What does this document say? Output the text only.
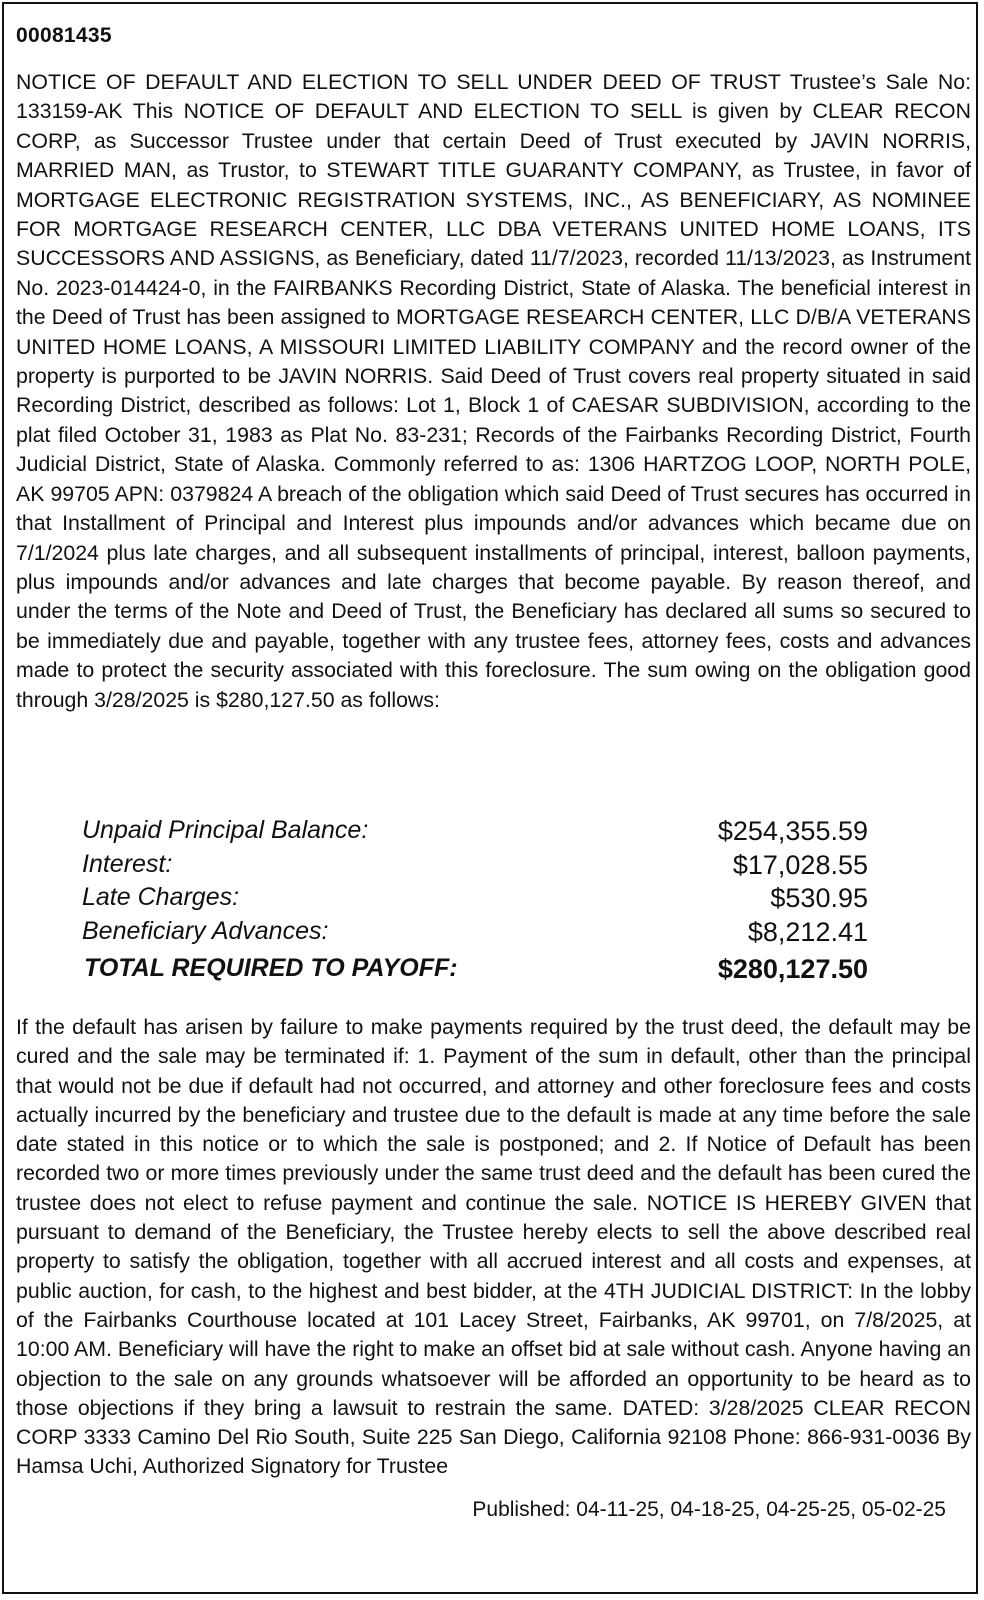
00081435

NOTICE OF DEFAULT AND ELECTION TO SELL UNDER DEED OF TRUST Trustee’s Sale No: 133159-AK This NOTICE OF DEFAULT AND ELECTION TO SELL is given by CLEAR RECON CORP, as Successor Trustee under that certain Deed of Trust executed by JAVIN NORRIS, MARRIED MAN, as Trustor, to STEWART TITLE GUARANTY COMPANY, as Trustee, in favor of MORTGAGE ELECTRONIC REGISTRATION SYSTEMS, INC., AS BENEFICIARY, AS NOMINEE FOR MORTGAGE RESEARCH CENTER, LLC DBA VETERANS UNITED HOME LOANS, ITS SUCCESSORS AND ASSIGNS, as Beneficiary, dated 11/7/2023, recorded 11/13/2023, as Instrument No. 2023-014424-0, in the FAIRBANKS Recording District, State of Alaska. The beneficial interest in the Deed of Trust has been assigned to MORTGAGE RESEARCH CENTER, LLC D/B/A VETERANS UNITED HOME LOANS, A MISSOURI LIMITED LIABILITY COMPANY and the record owner of the property is purported to be JAVIN NORRIS. Said Deed of Trust covers real property situated in said Recording District, described as follows: Lot 1, Block 1 of CAESAR SUBDIVISION, according to the plat filed October 31, 1983 as Plat No. 83-231; Records of the Fairbanks Recording District, Fourth Judicial District, State of Alaska. Commonly referred to as: 1306 HARTZOG LOOP, NORTH POLE, AK 99705 APN: 0379824 A breach of the obligation which said Deed of Trust secures has occurred in that Installment of Principal and Interest plus impounds and/or advances which became due on 7/1/2024 plus late charges, and all subsequent installments of principal, interest, balloon payments, plus impounds and/or advances and late charges that become payable. By reason thereof, and under the terms of the Note and Deed of Trust, the Beneficiary has declared all sums so secured to be immediately due and payable, together with any trustee fees, attorney fees, costs and advances made to protect the security associated with this foreclosure. The sum owing on the obligation good through 3/28/2025 is $280,127.50 as follows:

Unpaid Principal Balance:	$254,355.59
Interest:	$17,028.55
Late Charges:	$530.95
Beneficiary Advances:	$8,212.41
TOTAL REQUIRED TO PAYOFF:	$280,127.50

If the default has arisen by failure to make payments required by the trust deed, the default may be cured and the sale may be terminated if: 1. Payment of the sum in default, other than the principal that would not be due if default had not occurred, and attorney and other foreclosure fees and costs actually incurred by the beneficiary and trustee due to the default is made at any time before the sale date stated in this notice or to which the sale is postponed; and 2. If Notice of Default has been recorded two or more times previously under the same trust deed and the default has been cured the trustee does not elect to refuse payment and continue the sale. NOTICE IS HEREBY GIVEN that pursuant to demand of the Beneficiary, the Trustee hereby elects to sell the above described real property to satisfy the obligation, together with all accrued interest and all costs and expenses, at public auction, for cash, to the highest and best bidder, at the 4TH JUDICIAL DISTRICT: In the lobby of the Fairbanks Courthouse located at 101 Lacey Street, Fairbanks, AK 99701, on 7/8/2025, at 10:00 AM. Beneficiary will have the right to make an offset bid at sale without cash. Anyone having an objection to the sale on any grounds whatsoever will be afforded an opportunity to be heard as to those objections if they bring a lawsuit to restrain the same. DATED: 3/28/2025 CLEAR RECON CORP 3333 Camino Del Rio South, Suite 225 San Diego, California 92108 Phone: 866-931-0036 By Hamsa Uchi, Authorized Signatory for Trustee

Published: 04-11-25, 04-18-25, 04-25-25, 05-02-25
